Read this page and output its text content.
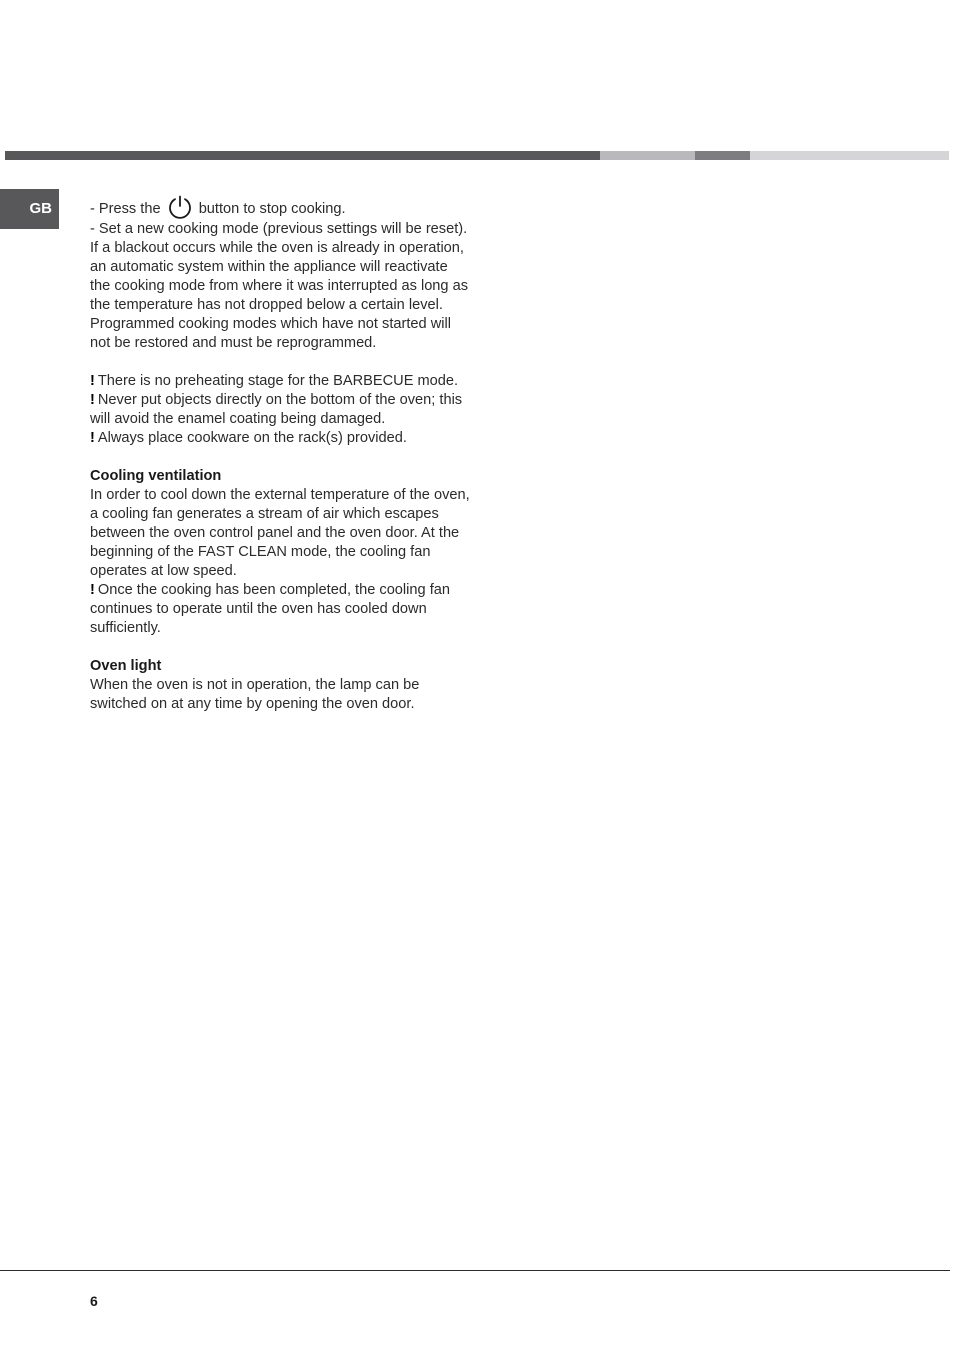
GB	- Press the	button to stop cooking.

- Set a new cooking mode (previous settings will be reset).

If a blackout occurs while the oven is already in operation, an automatic system within the appliance will reactivate the cooking mode from where it was interrupted as long as the temperature has not dropped below a certain level. Programmed cooking modes which have not started will not be restored and must be reprogrammed.

! There is no preheating stage for the BARBECUE mode.

! Never put objects directly on the bottom of the oven; this will avoid the enamel coating being damaged.

! Always place cookware on the rack(s) provided.

Cooling ventilation

In order to cool down the external temperature of the oven, a cooling fan generates a stream of air which escapes between the oven control panel and the oven door. At the beginning of the FAST CLEAN mode, the cooling fan operates at low speed.

! Once the cooking has been completed, the cooling fan continues to operate until the oven has cooled down sufficiently.

Oven light

When the oven is not in operation, the lamp can be switched on at any time by opening the oven door.

6
